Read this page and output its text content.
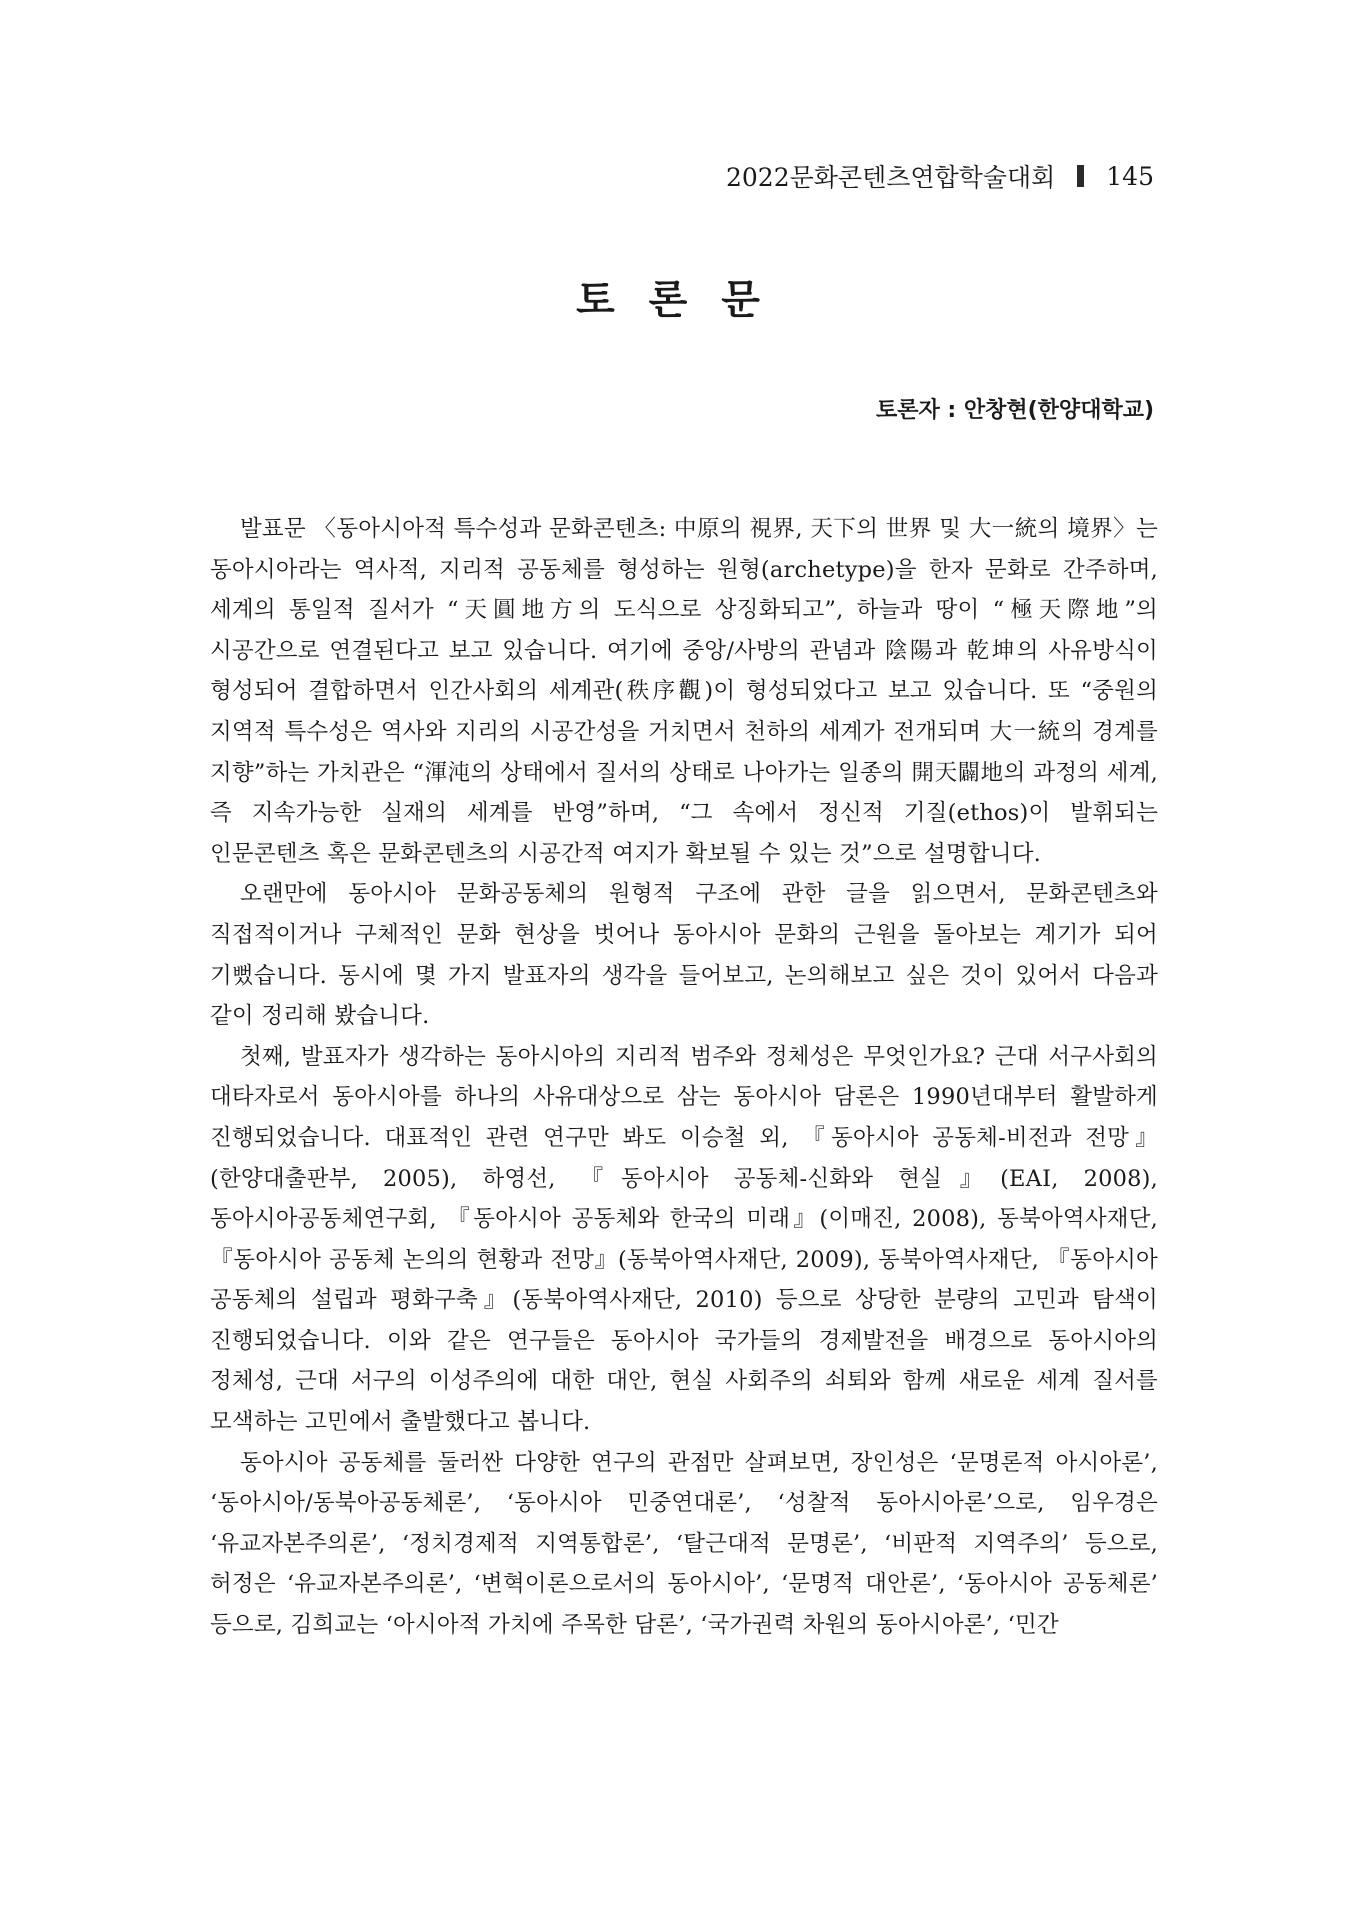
2022문화콘텐츠연합학술대회 145
토 론 문
토론자 : 안창현(한양대학교)

발표문 〈동아시아적 특수성과 문화콘텐츠: 中原의 視界, 天下의 世界 및 大一統의 境界〉는 동아시아라는 역사적, 지리적 공동체를 형성하는 원형(archetype)을 한자 문화로 간주하며, 세계의 통일적 질서가 “天圓地方의 도식으로 상징화되고”, 하늘과 땅이 “極天際地”의 시공간으로 연결된다고 보고 있습니다. 여기에 중앙/사방의 관념과 陰陽과 乾坤의 사유방식이 형성되어 결합하면서 인간사회의 세계관(秩序觀)이 형성되었다고 보고 있습니다. 또 “중원의 지역적 특수성은 역사와 지리의 시공간성을 거치면서 천하의 세계가 전개되며 大一統의 경계를 지향”하는 가치관은 “渾沌의 상태에서 질서의 상태로 나아가는 일종의 開天闢地의 과정의 세계, 즉 지속가능한 실재의 세계를 반영”하며, “그 속에서 정신적 기질(ethos)이 발휘되는 인문콘텐츠 혹은 문화콘텐츠의 시공간적 여지가 확보될 수 있는 것”으로 설명합니다.

오랜만에 동아시아 문화공동체의 원형적 구조에 관한 글을 읽으면서, 문화콘텐츠와 직접적이거나 구체적인 문화 현상을 벗어나 동아시아 문화의 근원을 돌아보는 계기가 되어 기뻤습니다. 동시에 몇 가지 발표자의 생각을 들어보고, 논의해보고 싶은 것이 있어서 다음과 같이 정리해 봤습니다.

첫째, 발표자가 생각하는 동아시아의 지리적 범주와 정체성은 무엇인가요? 근대 서구사회의 대타자로서 동아시아를 하나의 사유대상으로 삼는 동아시아 담론은 1990년대부터 활발하게 진행되었습니다. 대표적인 관련 연구만 봐도 이승철 외, 『동아시아 공동체-비전과 전망』(한양대출판부, 2005), 하영선, 『동아시아 공동체-신화와 현실』(EAI, 2008), 동아시아공동체연구회, 『동아시아 공동체와 한국의 미래』(이매진, 2008), 동북아역사재단, 『동아시아 공동체 논의의 현황과 전망』(동북아역사재단, 2009), 동북아역사재단, 『동아시아 공동체의 설립과 평화구축』(동북아역사재단, 2010) 등으로 상당한 분량의 고민과 탐색이 진행되었습니다. 이와 같은 연구들은 동아시아 국가들의 경제발전을 배경으로 동아시아의 정체성, 근대 서구의 이성주의에 대한 대안, 현실 사회주의 쇠퇴와 함께 새로운 세계 질서를 모색하는 고민에서 출발했다고 봅니다.

동아시아 공동체를 둘러싼 다양한 연구의 관점만 살펴보면, 장인성은 ‘문명론적 아시아론’, ‘동아시아/동북아공동체론’, ‘동아시아 민중연대론’, ‘성찰적 동아시아론’으로, 임우경은 ‘유교자본주의론’, ‘정치경제적 지역통합론’, ‘탈근대적 문명론’, ‘비판적 지역주의’ 등으로, 허정은 ‘유교자본주의론’, ‘변혁이론으로서의 동아시아’, ‘문명적 대안론’, ‘동아시아 공동체론’ 등으로, 김희교는 ‘아시아적 가치에 주목한 담론’, ‘국가권력 차원의 동아시아론’, ‘민간
